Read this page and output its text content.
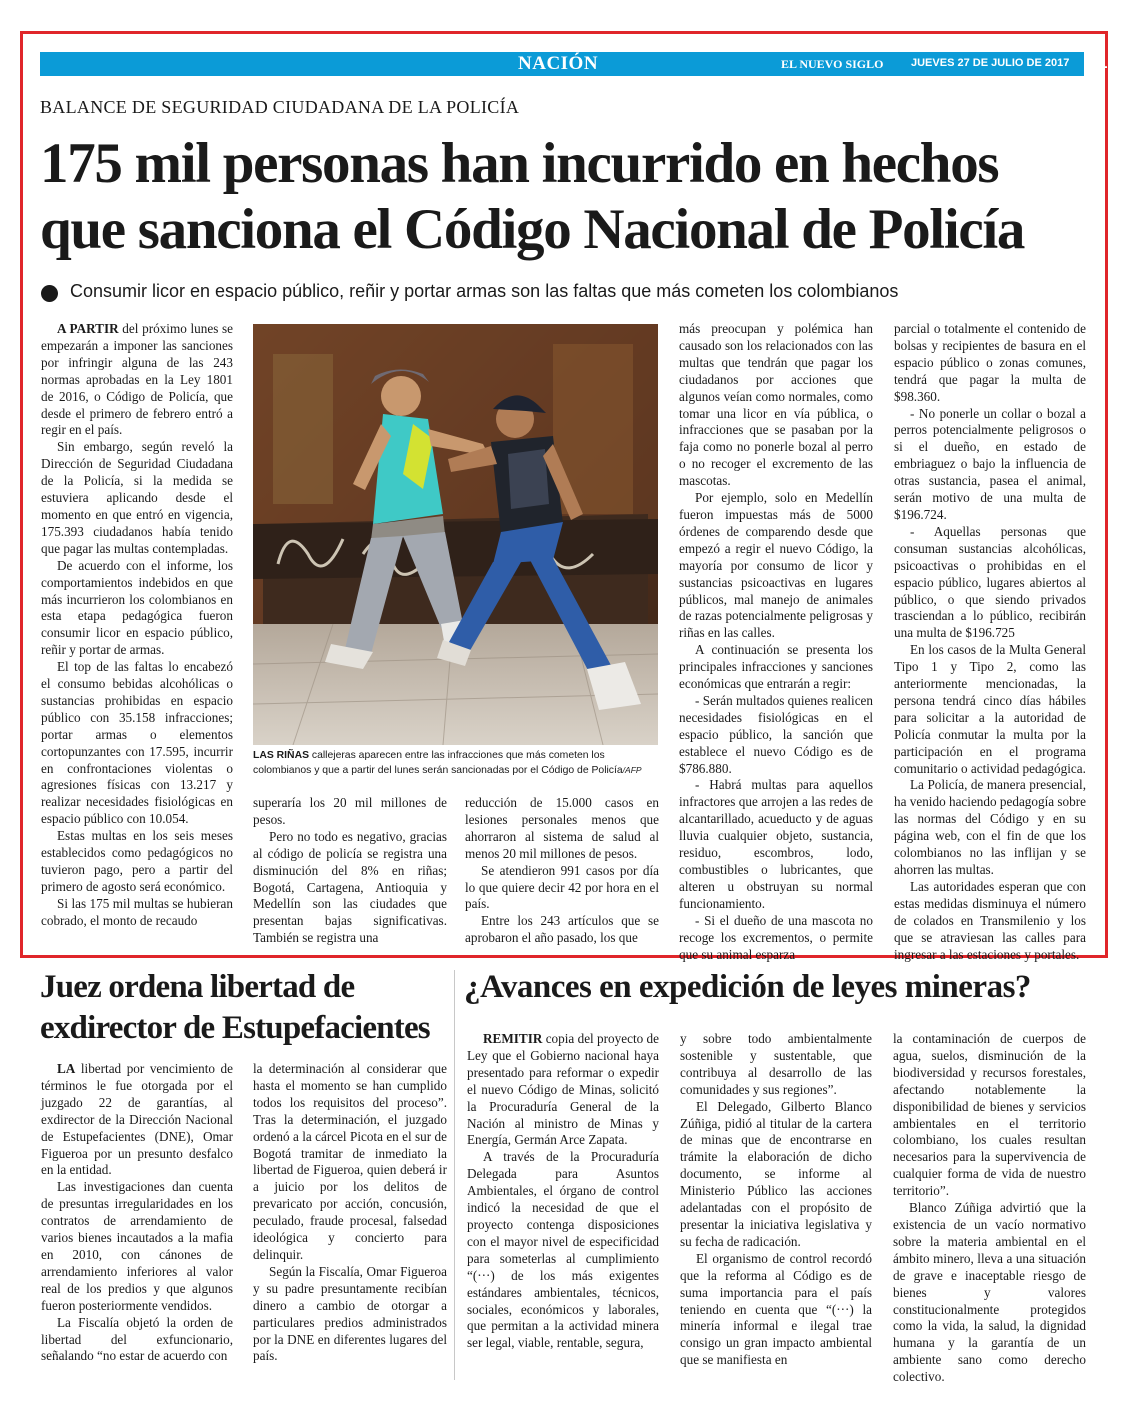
NACIÓN	EL NUEVO SIGLO	JUEVES 27 DE JULIO DE 2017 1B
BALANCE DE SEGURIDAD CIUDADANA DE LA POLICÍA
175 mil personas han incurrido en hechos
que sanciona el Código Nacional de Policía
Consumir licor en espacio público, reñir y portar armas son las faltas que más cometen los colombianos

A PARTIR del próximo lunes se empezarán a imponer las sanciones por infringir alguna de las 243 normas aprobadas en la Ley 1801 de 2016, o Código de Policía, que desde el primero de febrero entró a regir en el país.

Sin embargo, según reveló la Dirección de Seguridad Ciudadana de la Policía, si la medida se estuviera aplicando desde el momento en que entró en vigencia, 175.393 ciudadanos había tenido que pagar las multas contempladas.

De acuerdo con el informe, los comportamientos indebidos en que más incurrieron los colombianos en esta etapa pedagógica fueron consumir licor en espacio público, reñir y portar de armas.

El top de las faltas lo encabezó el consumo bebidas alcohólicas o sustancias prohibidas en espacio público con 35.158 infracciones; portar armas o elementos cortopunzantes con 17.595, incurrir en confrontaciones violentas o agresiones físicas con 13.217 y realizar necesidades fisiológicas en espacio público con 10.054.

Estas multas en los seis meses establecidos como pedagógicos no tuvieron pago, pero a partir del primero de agosto será económico.

Si las 175 mil multas se hubieran cobrado, el monto de recaudo

LAS RIÑAS callejeras aparecen entre las infracciones que más cometen los colombianos y que a partir del lunes serán sancionadas por el Código de Policía/AFP

superaría los 20 mil millones de pesos.

Pero no todo es negativo, gracias al código de policía se registra una disminución del 8% en riñas; Bogotá, Cartagena, Antioquia y Medellín son las ciudades que presentan bajas significativas. También se registra una

reducción de 15.000 casos en lesiones personales menos que ahorraron al sistema de salud al menos 20 mil millones de pesos.

Se atendieron 991 casos por día lo que quiere decir 42 por hora en el país.

Entre los 243 artículos que se aprobaron el año pasado, los que

más preocupan y polémica han causado son los relacionados con las multas que tendrán que pagar los ciudadanos por acciones que algunos veían como normales, como tomar una licor en vía pública, o infracciones que se pasaban por la faja como no ponerle bozal al perro o no recoger el excremento de las mascotas.

Por ejemplo, solo en Medellín fueron impuestas más de 5000 órdenes de comparendo desde que empezó a regir el nuevo Código, la mayoría por consumo de licor y sustancias psicoactivas en lugares públicos, mal manejo de animales de razas potencialmente peligrosas y riñas en las calles.

A continuación se presenta los principales infracciones y sanciones económicas que entrarán a regir:

- Serán multados quienes realicen necesidades fisiológicas en el espacio público, la sanción que establece el nuevo Código es de $786.880.

- Habrá multas para aquellos infractores que arrojen a las redes de alcantarillado, acueducto y de aguas lluvia cualquier objeto, sustancia, residuo, escombros, lodo, combustibles o lubricantes, que alteren u obstruyan su normal funcionamiento.

- Si el dueño de una mascota no recoge los excrementos, o permite que su animal esparza

parcial o totalmente el contenido de bolsas y recipientes de basura en el espacio público o zonas comunes, tendrá que pagar la multa de $98.360.

- No ponerle un collar o bozal a perros potencialmente peligrosos o si el dueño, en estado de embriaguez o bajo la influencia de otras sustancia, pasea el animal, serán motivo de una multa de $196.724.

- Aquellas personas que consuman sustancias alcohólicas, psicoactivas o prohibidas en el espacio público, lugares abiertos al público, o que siendo privados trasciendan a lo público, recibirán una multa de $196.725

En los casos de la Multa General Tipo 1 y Tipo 2, como las anteriormente mencionadas, la persona tendrá cinco días hábiles para solicitar a la autoridad de Policía conmutar la multa por la participación en el programa comunitario o actividad pedagógica.

La Policía, de manera presencial, ha venido haciendo pedagogía sobre las normas del Código y en su página web, con el fin de que los colombianos no las inflijan y se ahorren las multas.

Las autoridades esperan que con estas medidas disminuya el número de colados en Transmilenio y los que se atraviesan las calles para ingresar a las estaciones y portales.

Juez ordena libertad de
exdirector de Estupefacientes

LA libertad por vencimiento de términos le fue otorgada por el juzgado 22 de garantías, al exdirector de la Dirección Nacional de Estupefacientes (DNE), Omar Figueroa por un presunto desfalco en la entidad.

Las investigaciones dan cuenta de presuntas irregularidades en los contratos de arrendamiento de varios bienes incautados a la mafia en 2010, con cánones de arrendamiento inferiores al valor real de los predios y que algunos fueron posteriormente vendidos.

La Fiscalía objetó la orden de libertad del exfuncionario, señalando “no estar de acuerdo con

la determinación al considerar que hasta el momento se han cumplido todos los requisitos del proceso”. Tras la determinación, el juzgado ordenó a la cárcel Picota en el sur de Bogotá tramitar de inmediato la libertad de Figueroa, quien deberá ir a juicio por los delitos de prevaricato por acción, concusión, peculado, fraude procesal, falsedad ideológica y concierto para delinquir.

Según la Fiscalía, Omar Figueroa y su padre presuntamente recibían dinero a cambio de otorgar a particulares predios administrados por la DNE en diferentes lugares del país.

¿Avances en expedición de leyes mineras?

REMITIR copia del proyecto de Ley que el Gobierno nacional haya presentado para reformar o expedir el nuevo Código de Minas, solicitó la Procuraduría General de la Nación al ministro de Minas y Energía, Germán Arce Zapata.

A través de la Procuraduría Delegada para Asuntos Ambientales, el órgano de control indicó la necesidad de que el proyecto contenga disposiciones con el mayor nivel de especificidad para someterlas al cumplimiento “(···) de los más exigentes estándares ambientales, técnicos, sociales, económicos y laborales, que permitan a la actividad minera ser legal, viable, rentable, segura,

y sobre todo ambientalmente sostenible y sustentable, que contribuya al desarrollo de las comunidades y sus regiones”.

El Delegado, Gilberto Blanco Zúñiga, pidió al titular de la cartera de minas que de encontrarse en trámite la elaboración de dicho documento, se informe al Ministerio Público las acciones adelantadas con el propósito de presentar la iniciativa legislativa y su fecha de radicación.

El organismo de control recordó que la reforma al Código es de suma importancia para el país teniendo en cuenta que “(···) la minería informal e ilegal trae consigo un gran impacto ambiental que se manifiesta en

la contaminación de cuerpos de agua, suelos, disminución de la biodiversidad y recursos forestales, afectando notablemente la disponibilidad de bienes y servicios ambientales en el territorio colombiano, los cuales resultan necesarios para la supervivencia de cualquier forma de vida de nuestro territorio”.

Blanco Zúñiga advirtió que la existencia de un vacío normativo sobre la materia ambiental en el ámbito minero, lleva a una situación de grave e inaceptable riesgo de bienes y valores constitucionalmente protegidos como la vida, la salud, la dignidad humana y la garantía de un ambiente sano como derecho colectivo.
